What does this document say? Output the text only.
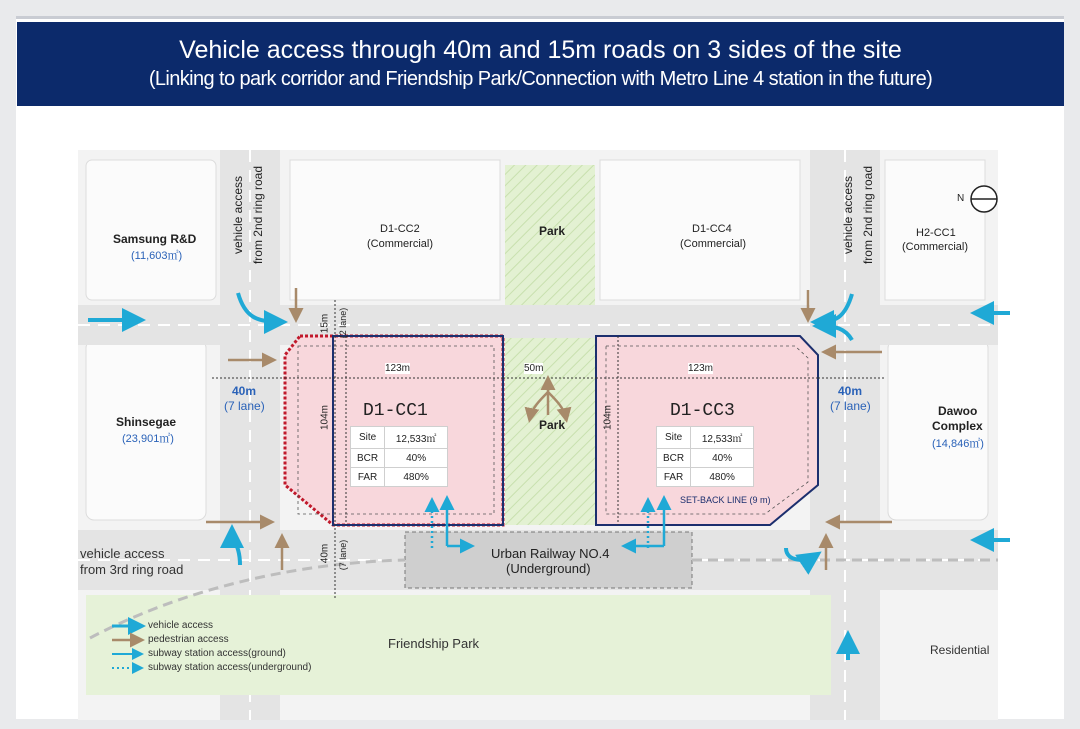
Vehicle access through 40m and 15m roads on 3 sides of the site
(Linking to park corridor and Friendship Park/Connection with Metro Line 4 station in the future)
Samsung R&D
(11,603㎡)
Shinsegae
(23,901㎡)
Dawoo
Complex
(14,846㎡)
D1-CC2
(Commercial)
D1-CC4
(Commercial)
H2-CC1
(Commercial)
Park
Park
N
vehicle access from 2nd ring road	vehicle access from 2nd ring road
40m
(7 lane)
40m
(7 lane)
15m (2 lane)
40m (7 lane)
123m	50m	123m
104m	104m
D1-CC1
Site	12,533㎡
BCR	40%
FAR	480%
D1-CC3
Site	12,533㎡
BCR	40%
FAR	480%
SET-BACK LINE (9 m)
Urban Railway NO.4
(Underground)
vehicle access
from 3rd ring road
Friendship Park	Residential
vehicle access
pedestrian access
subway station access(ground)
subway station access(underground)
